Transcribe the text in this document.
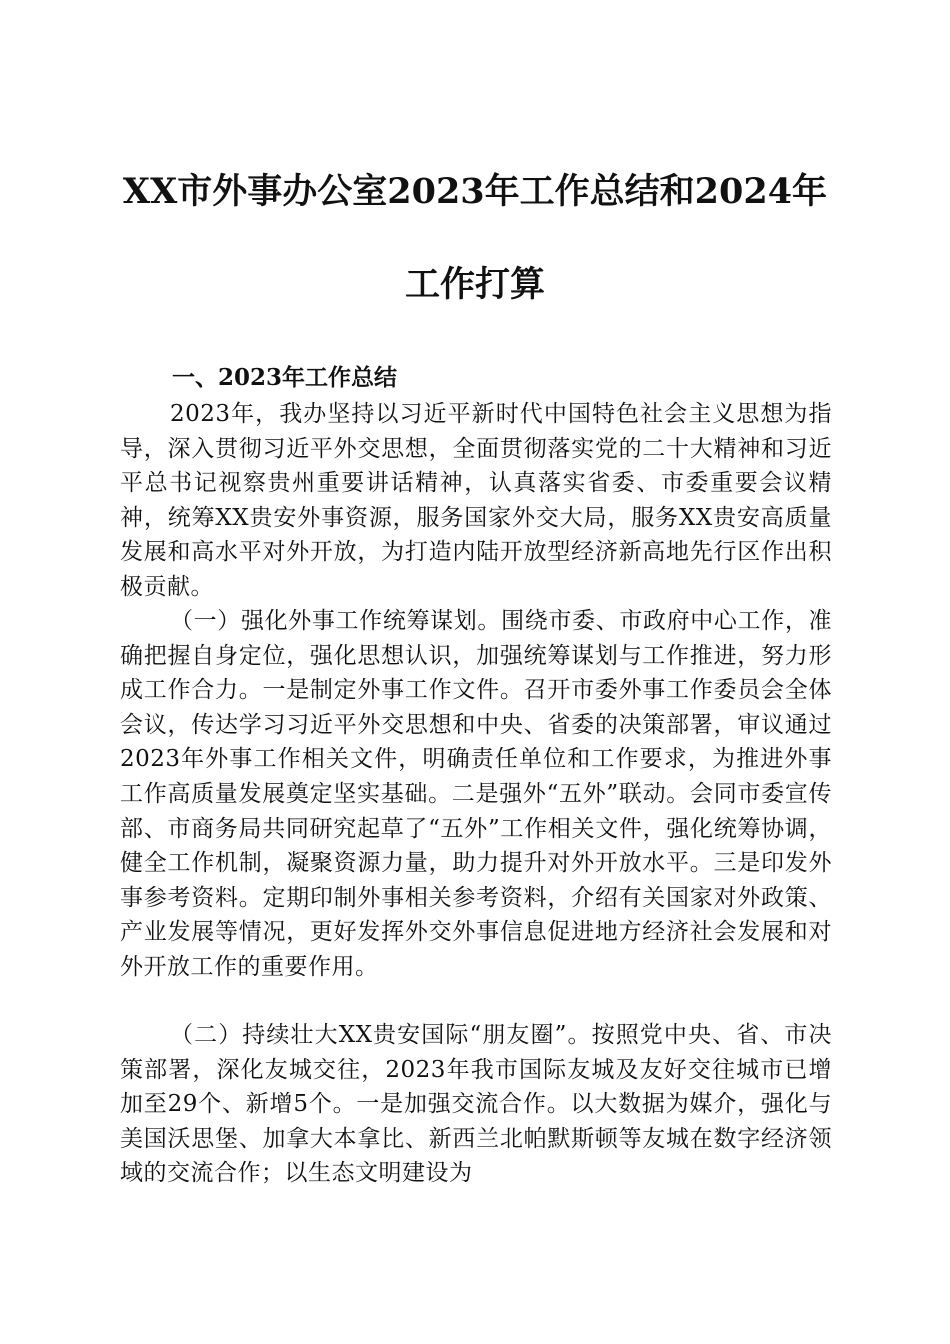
XX市外事办公室2023年工作总结和2024年
工作打算
一、2023年工作总结
2023年，我办坚持以习近平新时代中国特色社会主义思想为指导，深入贯彻习近平外交思想，全面贯彻落实党的二十大精神和习近平总书记视察贵州重要讲话精神，认真落实省委、市委重要会议精神，统筹XX贵安外事资源，服务国家外交大局，服务XX贵安高质量发展和高水平对外开放，为打造内陆开放型经济新高地先行区作出积极贡献。
（一）强化外事工作统筹谋划。围绕市委、市政府中心工作，准确把握自身定位，强化思想认识，加强统筹谋划与工作推进，努力形成工作合力。一是制定外事工作文件。召开市委外事工作委员会全体会议，传达学习习近平外交思想和中央、省委的决策部署，审议通过2023年外事工作相关文件，明确责任单位和工作要求，为推进外事工作高质量发展奠定坚实基础。二是强外“五外”联动。会同市委宣传部、市商务局共同研究起草了“五外”工作相关文件，强化统筹协调，健全工作机制，凝聚资源力量，助力提升对外开放水平。三是印发外事参考资料。定期印制外事相关参考资料，介绍有关国家对外政策、产业发展等情况，更好发挥外交外事信息促进地方经济社会发展和对外开放工作的重要作用。
（二）持续壮大XX贵安国际“朋友圈”。按照党中央、省、市决策部署，深化友城交往，2023年我市国际友城及友好交往城市已增加至29个、新增5个。一是加强交流合作。以大数据为媒介，强化与美国沃思堡、加拿大本拿比、新西兰北帕默斯顿等友城在数字经济领域的交流合作；以生态文明建设为
